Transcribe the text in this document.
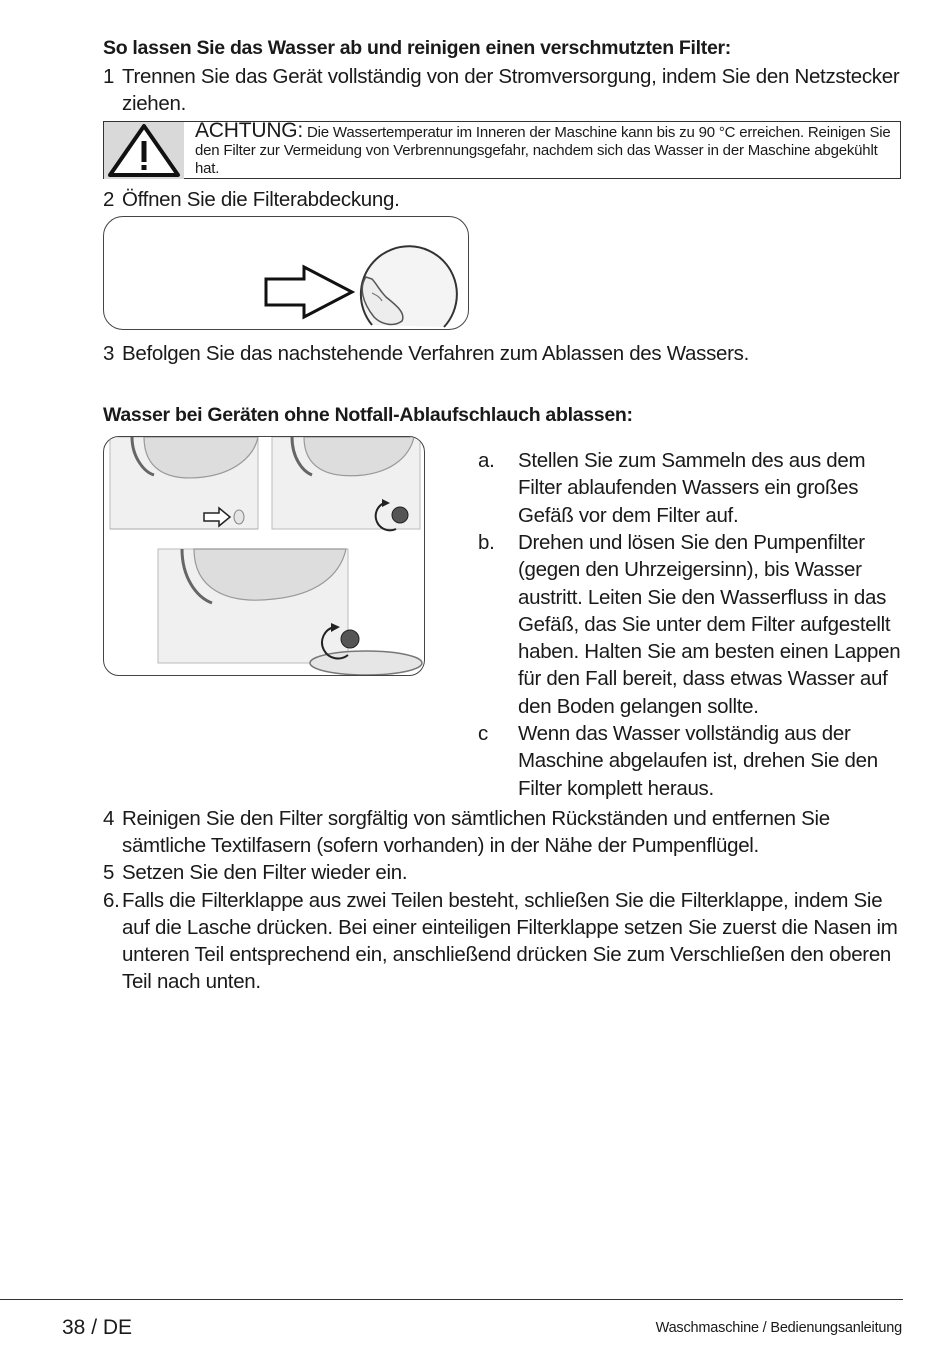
So lassen Sie das Wasser ab und reinigen einen verschmutzten Filter:
1 Trennen Sie das Gerät vollständig von der Stromversorgung, indem Sie den Netzstecker ziehen.
ACHTUNG: Die Wassertemperatur im Inneren der Maschine kann bis zu 90 °C erreichen. Reinigen Sie den Filter zur Vermeidung von Verbrennungsgefahr, nachdem sich das Wasser in der Maschine abgekühlt hat.
2 Öffnen Sie die Filterabdeckung.
3 Befolgen Sie das nachstehende Verfahren zum Ablassen des Wassers.
Wasser bei Geräten ohne Notfall-Ablaufschlauch ablassen:
a. Stellen Sie zum Sammeln des aus dem Filter ablaufenden Wassers ein großes Gefäß vor dem Filter auf.
b. Drehen und lösen Sie den Pumpenfilter (gegen den Uhrzeigersinn), bis Wasser austritt. Leiten Sie den Wasserfluss in das Gefäß, das Sie unter dem Filter aufgestellt haben. Halten Sie am besten einen Lappen für den Fall bereit, dass etwas Wasser auf den Boden gelangen sollte.
c Wenn das Wasser vollständig aus der Maschine abgelaufen ist, drehen Sie den Filter komplett heraus.
4 Reinigen Sie den Filter sorgfältig von sämtlichen Rückständen und entfernen Sie sämtliche Textilfasern (sofern vorhanden) in der Nähe der Pumpenflügel.
5 Setzen Sie den Filter wieder ein.
6. Falls die Filterklappe aus zwei Teilen besteht, schließen Sie die Filterklappe, indem Sie auf die Lasche drücken. Bei einer einteiligen Filterklappe setzen Sie zuerst die Nasen im unteren Teil entsprechend ein, anschließend drücken Sie zum Verschließen den oberen Teil nach unten.
38 / DE	Waschmaschine / Bedienungsanleitung
